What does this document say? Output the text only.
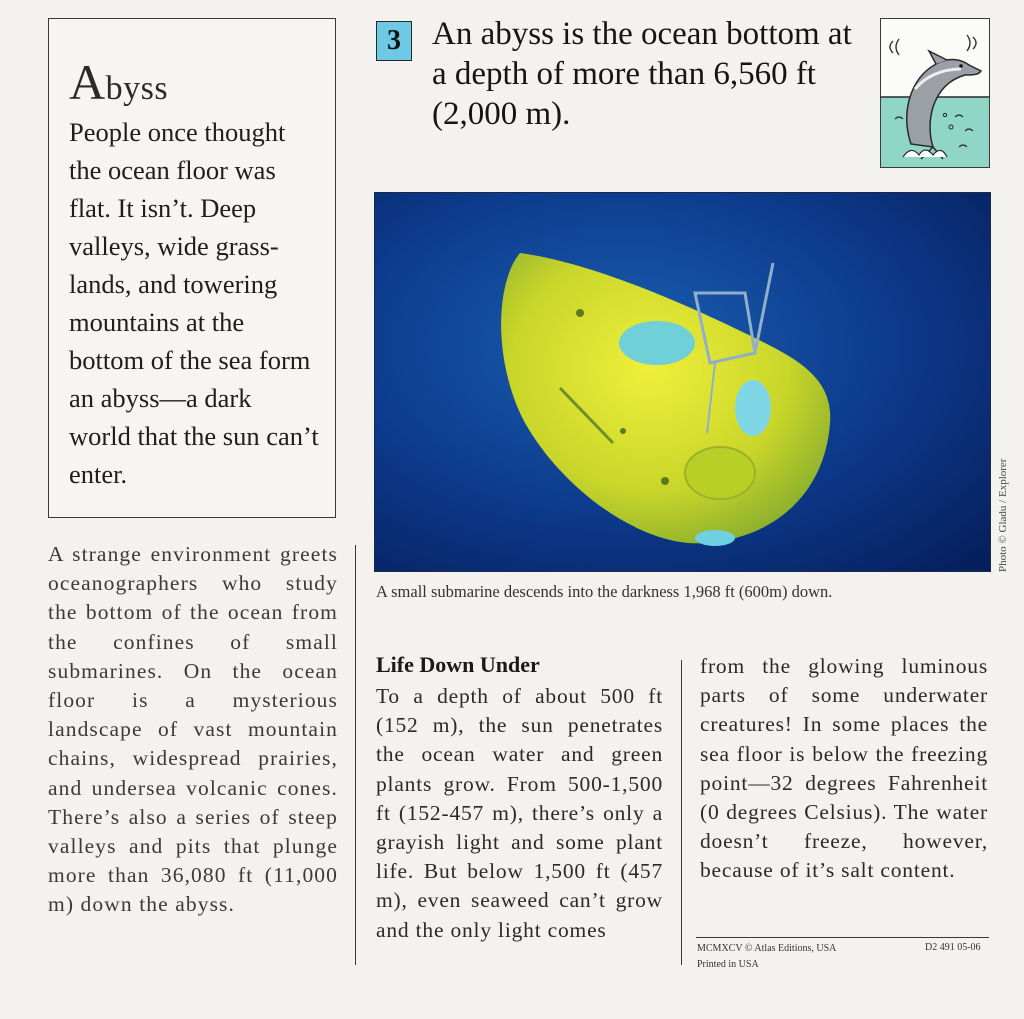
Abyss
People once thought the ocean floor was flat. It isn’t. Deep valleys, wide grass-lands, and towering mountains at the bottom of the sea form an abyss—a dark world that the sun can’t enter.

A strange environment greets oceanographers who study the bottom of the ocean from the confines of small submarines. On the ocean floor is a mysterious landscape of vast mountain chains, widespread prairies, and undersea volcanic cones. There’s also a series of steep valleys and pits that plunge more than 36,080 ft (11,000 m) down the abyss.

3 An abyss is the ocean bottom at a depth of more than 6,560 ft (2,000 m).
Photo © Gladu / Explorer
A small submarine descends into the darkness 1,968 ft (600m) down.
Life Down Under

To a depth of about 500 ft (152 m), the sun penetrates the ocean water and green plants grow. From 500-1,500 ft (152-457 m), there’s only a grayish light and some plant life. But below 1,500 ft (457 m), even seaweed can’t grow and the only light comes

from the glowing luminous parts of some underwater creatures! In some places the sea floor is below the freezing point—32 degrees Fahrenheit (0 degrees Celsius). The water doesn’t freeze, however, because of it’s salt content.

MCMXCV © Atlas Editions, USA
Printed in USA
D2 491 05-06
